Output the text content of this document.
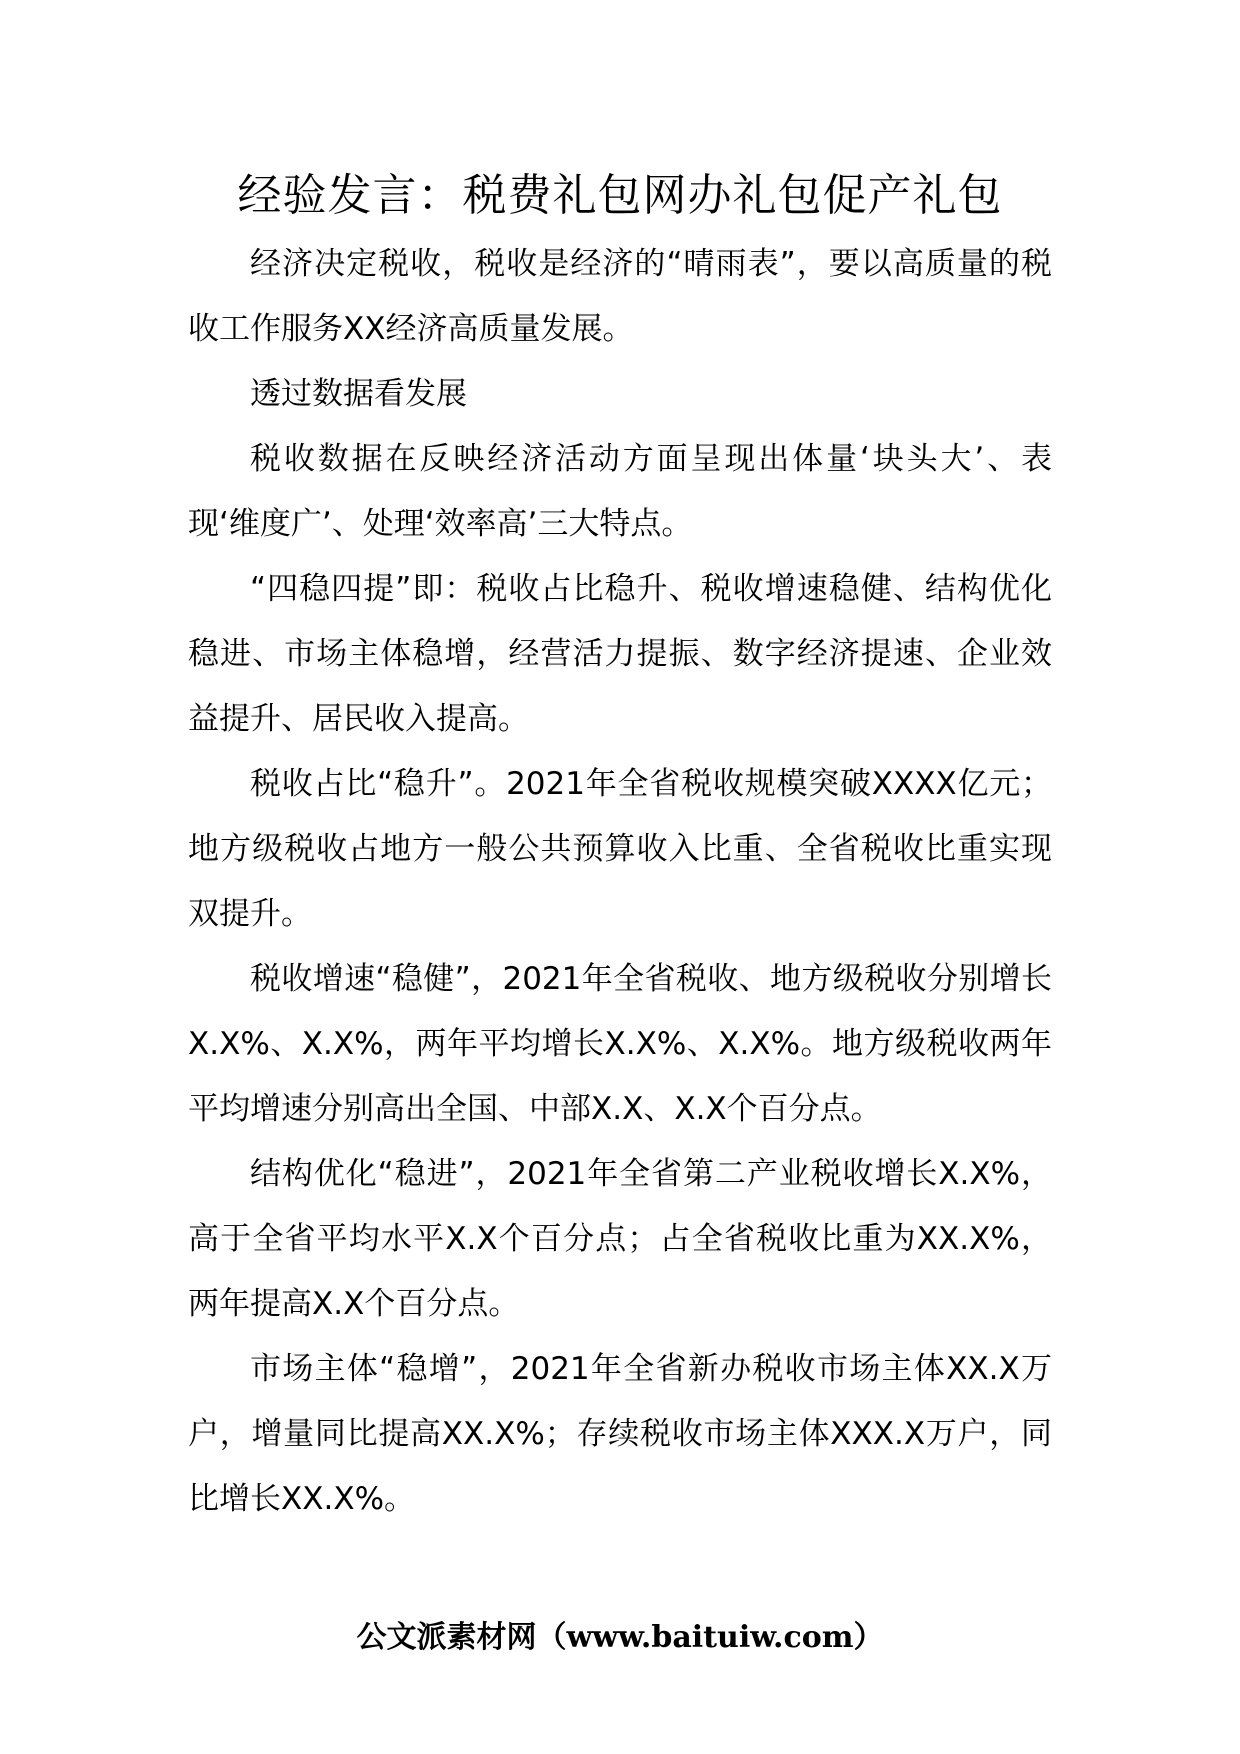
经验发言：税费礼包网办礼包促产礼包

经济决定税收，税收是经济的“晴雨表”，要以高质量的税收工作服务XX经济高质量发展。

透过数据看发展

税收数据在反映经济活动方面呈现出体量‘块头大’、表现‘维度广’、处理‘效率高’三大特点。

“四稳四提”即：税收占比稳升、税收增速稳健、结构优化稳进、市场主体稳增，经营活力提振、数字经济提速、企业效益提升、居民收入提高。

税收占比“稳升”。2021年全省税收规模突破XXXX亿元；地方级税收占地方一般公共预算收入比重、全省税收比重实现双提升。

税收增速“稳健”，2021年全省税收、地方级税收分别增长X.X%、X.X%，两年平均增长X.X%、X.X%。地方级税收两年平均增速分别高出全国、中部X.X、X.X个百分点。

结构优化“稳进”，2021年全省第二产业税收增长X.X%，高于全省平均水平X.X个百分点；占全省税收比重为XX.X%，两年提高X.X个百分点。

市场主体“稳增”，2021年全省新办税收市场主体XX.X万户，增量同比提高XX.X%；存续税收市场主体XXX.X万户，同比增长XX.X%。

公文派素材网（www.baituiw.com）
